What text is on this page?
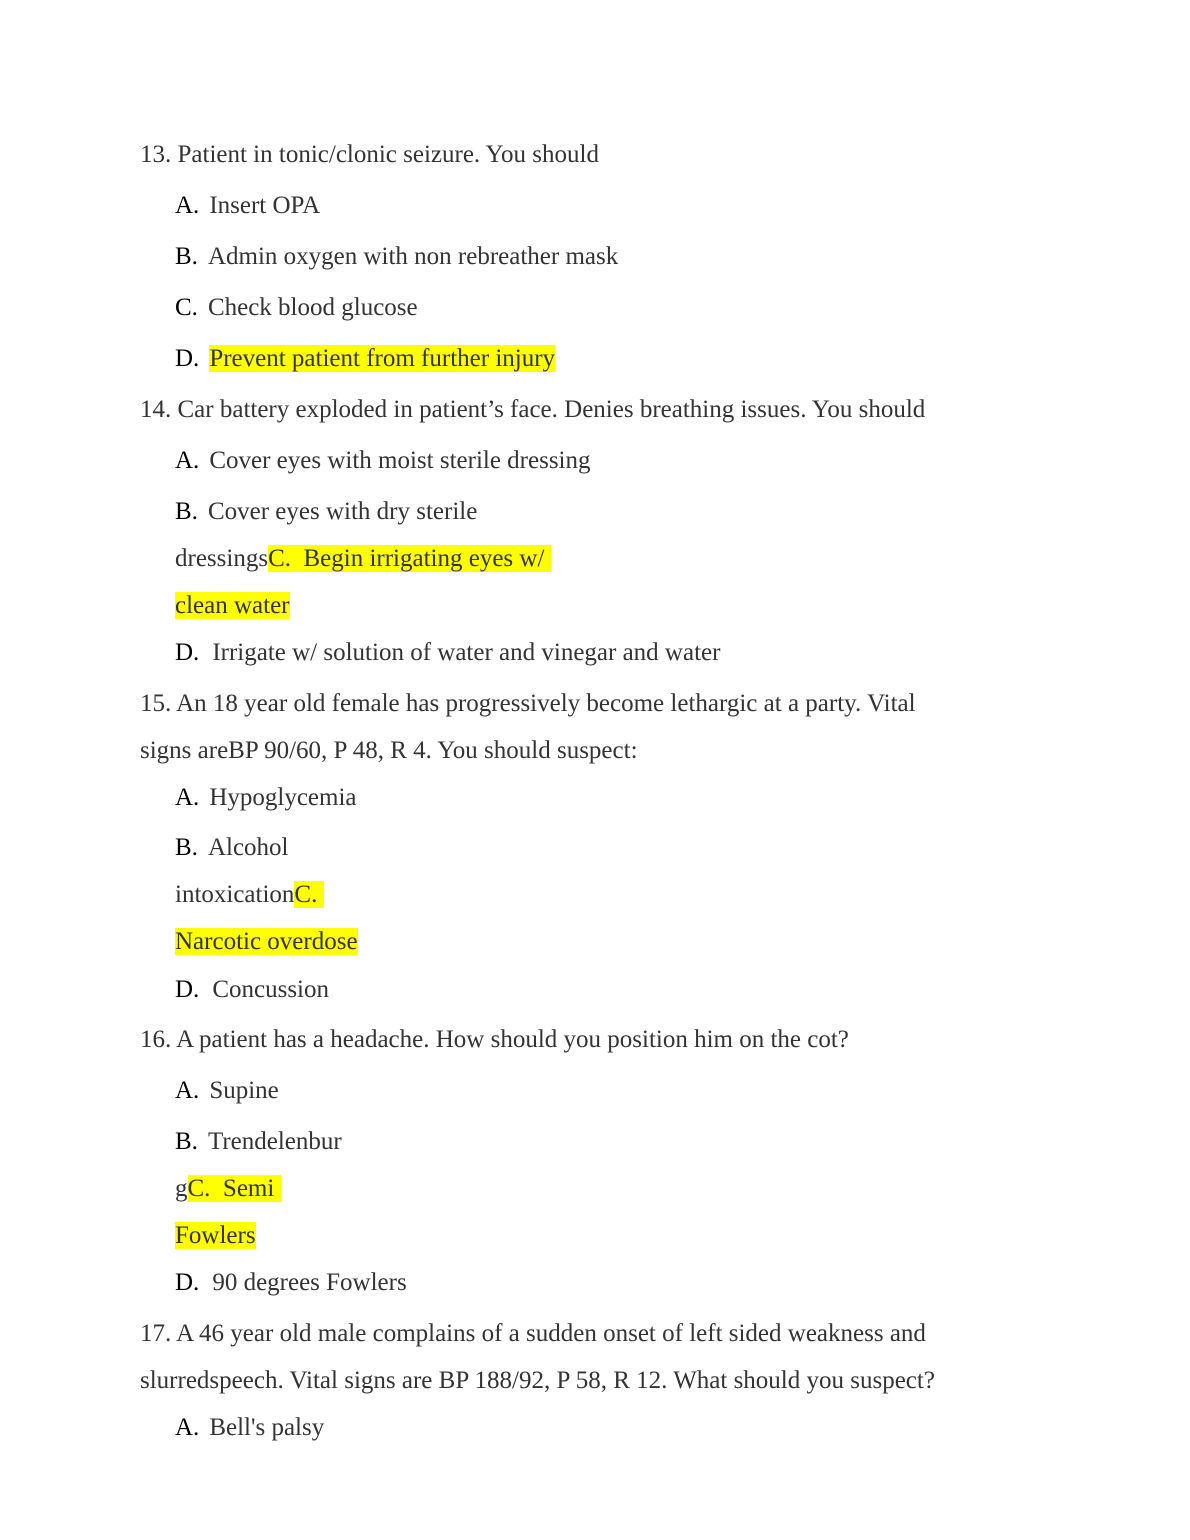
13. Patient in tonic/clonic seizure. You should
A. Insert OPA
B. Admin oxygen with non rebreather mask
C. Check blood glucose
D. Prevent patient from further injury
14. Car battery exploded in patient’s face. Denies breathing issues. You should
A. Cover eyes with moist sterile dressing
B. Cover eyes with dry sterile
dressingsC.  Begin irrigating eyes w/
clean water
D. Irrigate w/ solution of water and vinegar and water
15. An 18 year old female has progressively become lethargic at a party. Vital
signs areBP 90/60, P 48, R 4. You should suspect:
A. Hypoglycemia
B. Alcohol
intoxicationC.
Narcotic overdose
D. Concussion
16. A patient has a headache. How should you position him on the cot?
A. Supine
B. Trendelenbur
gC.  Semi
Fowlers
D. 90 degrees Fowlers
17. A 46 year old male complains of a sudden onset of left sided weakness and
slurredspeech. Vital signs are BP 188/92, P 58, R 12. What should you suspect?
A. Bell's palsy
